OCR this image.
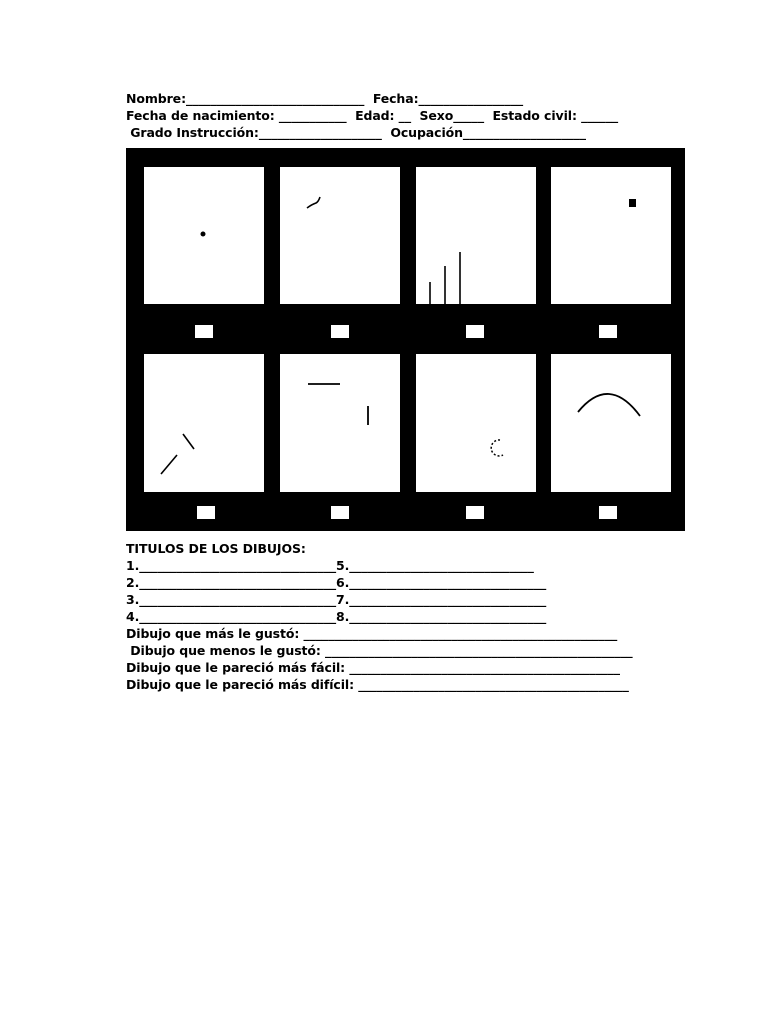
Nombre:_____________________________  Fecha:_________________
Fecha de nacimiento: ___________  Edad: __  Sexo_____  Estado civil: ______
Grado Instrucción:____________________  Ocupación____________________
TITULOS DE LOS DIBUJOS:
1.________________________________5.______________________________
2.________________________________6.________________________________
3.________________________________7.________________________________
4.________________________________8.________________________________
Dibujo que más le gustó: ___________________________________________________
Dibujo que menos le gustó: __________________________________________________
Dibujo que le pareció más fácil: ____________________________________________
Dibujo que le pareció más difícil: ____________________________________________
